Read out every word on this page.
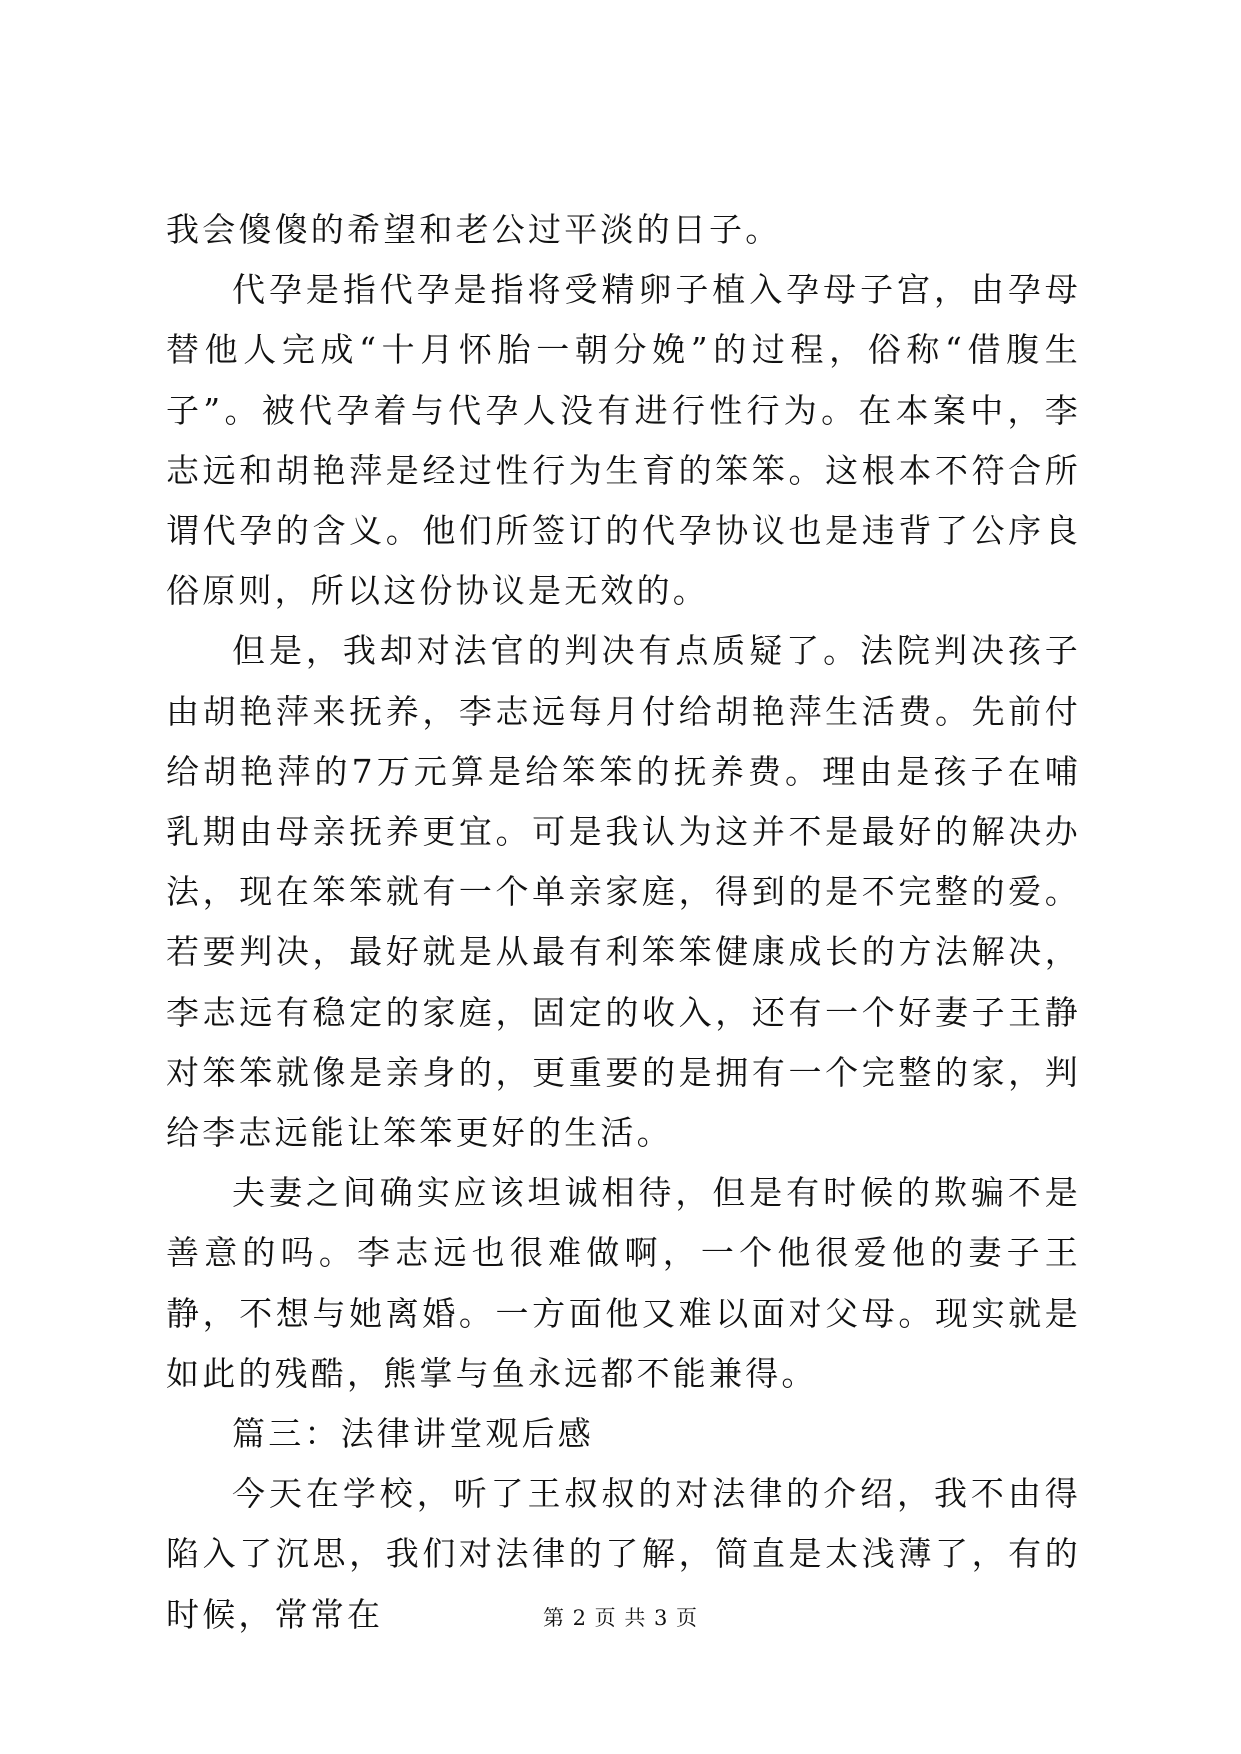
我会傻傻的希望和老公过平淡的日子。

代孕是指代孕是指将受精卵子植入孕母子宫，由孕母替他人完成“十月怀胎一朝分娩”的过程，俗称“借腹生子”。被代孕着与代孕人没有进行性行为。在本案中，李志远和胡艳萍是经过性行为生育的笨笨。这根本不符合所谓代孕的含义。他们所签订的代孕协议也是违背了公序良俗原则，所以这份协议是无效的。

但是，我却对法官的判决有点质疑了。法院判决孩子由胡艳萍来抚养，李志远每月付给胡艳萍生活费。先前付给胡艳萍的7万元算是给笨笨的抚养费。理由是孩子在哺乳期由母亲抚养更宜。可是我认为这并不是最好的解决办法，现在笨笨就有一个单亲家庭，得到的是不完整的爱。若要判决，最好就是从最有利笨笨健康成长的方法解决，李志远有稳定的家庭，固定的收入，还有一个好妻子王静对笨笨就像是亲身的，更重要的是拥有一个完整的家，判给李志远能让笨笨更好的生活。

夫妻之间确实应该坦诚相待，但是有时候的欺骗不是善意的吗。李志远也很难做啊，一个他很爱他的妻子王静，不想与她离婚。一方面他又难以面对父母。现实就是如此的残酷，熊掌与鱼永远都不能兼得。

篇三：法律讲堂观后感

今天在学校，听了王叔叔的对法律的介绍，我不由得陷入了沉思，我们对法律的了解，简直是太浅薄了，有的时候，常常在	第 2 页 共 3 页
